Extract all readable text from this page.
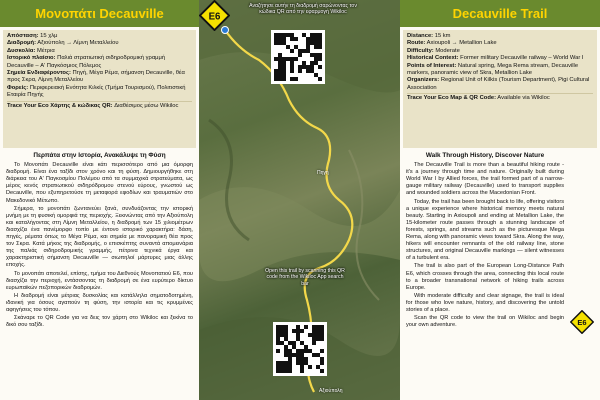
Μονοπάτι Decauville
Απόσταση: 15 χλμ
Διαδρομή: Αξιούπολη → Λίμνη Μεταλλείου
Δυσκολία: Μέτρια
Ιστορικό πλαίσιο: Παλιά στρατιωτική σιδηροδρομική γραμμή Decauville – Α' Παγκόσμιος Πόλεμος
Σημεία Ενδιαφέροντος: Πηγή, Μέγα Ρέμα, σήμανση Decauville, θέα προς Σκρα, Λίμνη Μεταλλείου
Φορείς: Περιφερειακή Ενότητα Κιλκίς (Τμήμα Τουρισμού), Πολιτιστική Εταιρία Πηγής
Trace Your Eco Χάρτης & κώδικας QR: Διαθέσιμος μέσω Wikiloc
Περπάτα στην Ιστορία, Ανακάλυψε τη Φύση

Το Μονοπάτι Decauville είναι κάτι περισσότερο από μια όμορφη διαδρομή. Είναι ένα ταξίδι στον χρόνο και τη φύση. Δημιουργήθηκε στη διάρκεια του Α' Παγκοσμίου Πολέμου από τα συμμαχικά στρατεύματα, ως μέρος κενός στρατιωτικού σιδηρόδρομου στενού εύρους, γνωστού ως Decauville, που εξυπηρετούσε τη μεταφορά εφοδίων και τραυματιών στο Μακεδονικό Μέτωπο.

Σήμερα, το μονοπάτι ζωντανεύει ξανά, συνδυάζοντας την ιστορική μνήμη με τη φυσική ομορφιά της περιοχής. Ξεκινώντας από την Αξιούπολη και καταλήγοντας στη Λίμνη Μεταλλείου, η διαδρομή των 15 χιλιομέτρων διασχίζει ένα πανέμορφο τοπίο με έντονο ιστορικό χαρακτήρα: δάση, πηγές, ρέματα όπως το Μέγα Ρέμα, και σημεία με πανοραμική θέα προς τον Σκρα. Κατά μήκος της διαδρομής, ο επισκέπτης συναντά απομεινάρια της παλιάς σιδηροδρομικής γραμμής, πέτρινα τεχνικά έργα και χαρακτηριστική σήμανση Decauville — σιωπηλοί μάρτυρες μιας άλλης εποχής.

Το μονοπάτι αποτελεί, επίσης, τμήμα του Διεθνούς Μονοπατιού Ε6, που διασχίζει την περιοχή, εντάσσοντας τη διαδρομή σε ένα ευρύτερο δίκτυο ευρωπαϊκών πεζοπορικών διαδρομών.

Η διαδρομή είναι μέτριας δυσκολίας και κατάλληλα σηματοδοτημένη, ιδανική για όσους αγαπούν τη φύση, την ιστορία και τις κρυμμένες αφηγήσεις του τόπου.

Σκάναρε το QR Code για να δεις τον χάρτη στο Wikiloc και ξεκίνα το δικό σου ταξίδι.

Αναζήτησε αυτήν τη διαδρομή σαρώνοντας τον κώδικα QR από την εφαρμογή Wikiloc
E6
Πηγή
Αξιούπολη
Open this trail by scanning this QR code from the Wikiloc App search bar
Decauville Trail
Distance: 15 km
Route: Axioupoli → Metallion Lake
Difficulty: Moderate
Historical Context: Former military Decauville railway – World War I
Points of Interest: Natural spring, Mega Rema stream, Decauville markers, panoramic view of Skra, Metallion Lake
Organizers: Regional Unit of Kilkis (Tourism Department), Pigi Cultural Association
Trace Your Eco Map & QR Code: Available via Wikiloc
Walk Through History, Discover Nature

The Decauville Trail is more than a beautiful hiking route - it's a journey through time and nature. Originally built during World War I by Allied forces, the trail formed part of a narrow-gauge military railway (Decauville) used to transport supplies and wounded soldiers across the Macedonian Front.

Today, the trail has been brought back to life, offering visitors a unique experience where historical memory meets natural beauty. Starting in Axioupoli and ending at Metallion Lake, the 15-kilometer route passes through a stunning landscape of forests, springs, and streams such as the picturesque Mega Rema, along with panoramic views toward Skra. Along the way, hikers will encounter remnants of the old railway line, stone structures, and original Decauville markings — silent witnesses of a turbulent era.

The trail is also part of the European Long-Distance Path E6, which crosses through the area, connecting this local route to a broader transnational network of hiking trails across Europe.

With moderate difficulty and clear signage, the trail is ideal for those who love nature, history, and discovering the untold stories of a place.

Scan the QR code to view the trail on Wikiloc and begin your own adventure.	E6
